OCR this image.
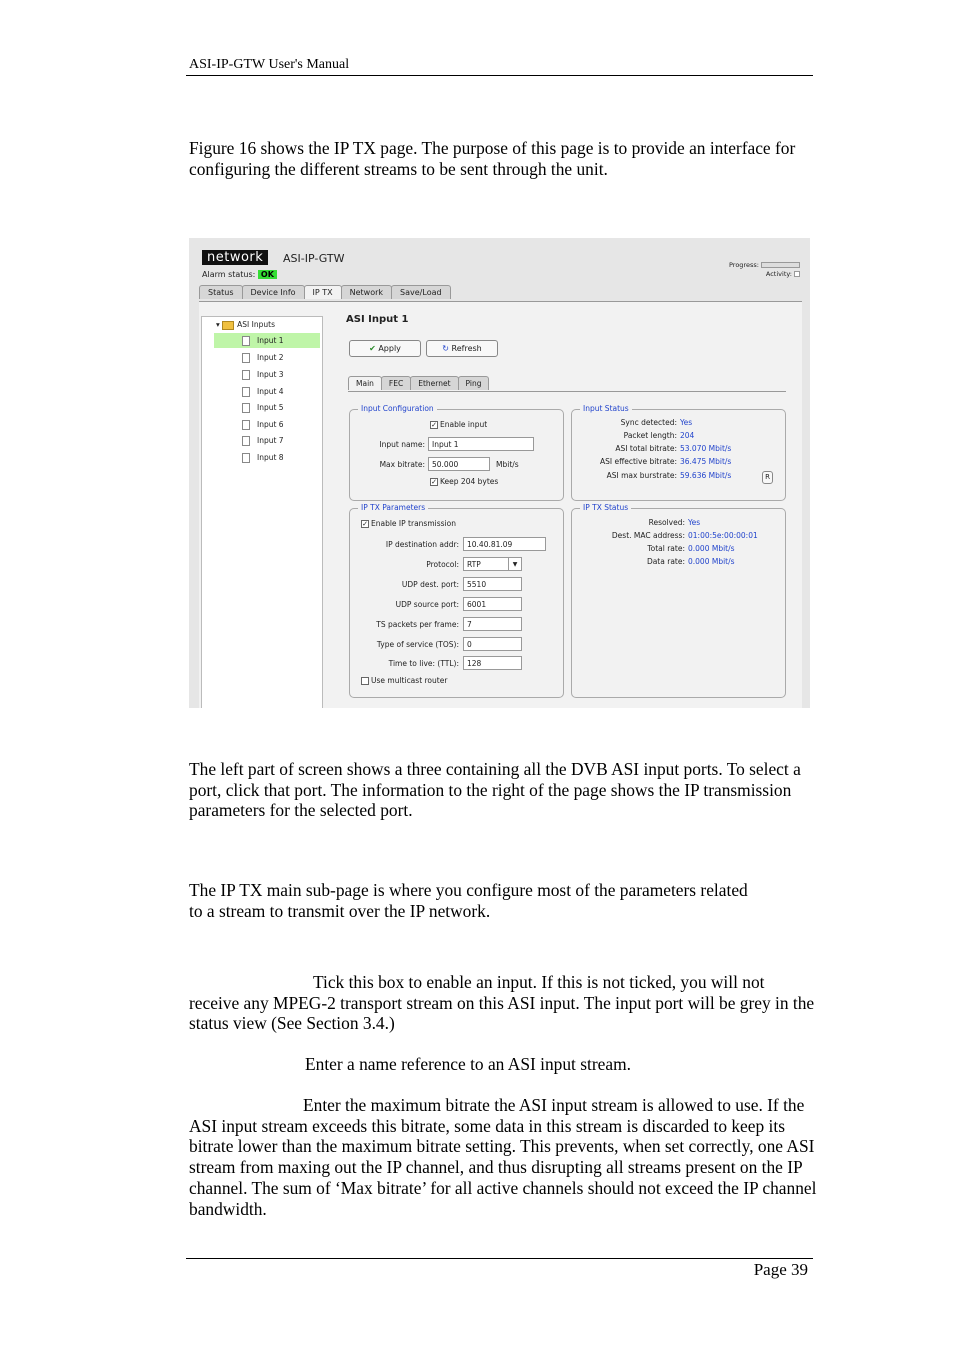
ASI-IP-GTW User's Manual

Figure 16 shows the IP TX page. The purpose of this page is to provide an interface for configuring the different streams to be sent through the unit.

network	ASI-IP-GTW
Alarm status: OK
Progress:
Activity:
Status Device Info IP TX Network Save/Load
▾ ASI Inputs
Input 1
Input 2
Input 3
Input 4
Input 5
Input 6
Input 7
Input 8
ASI Input 1
✔ Apply	↻ Refresh
Main FEC Ethernet Ping
Input Configuration
✓ Enable input
Input name: Input 1
Max bitrate: 50.000	Mbit/s
✓ Keep 204 bytes
Input Status
Sync detected: Yes
Packet length: 204
ASI total bitrate: 53.070 Mbit/s
ASI effective bitrate: 36.475 Mbit/s
ASI max burstrate: 59.636 Mbit/s	R
IP TX Parameters
✓ Enable IP transmission
IP destination addr:	10.40.81.09
Protocol:	RTP	▼
UDP dest. port:	5510
UDP source port:	6001
TS packets per frame:	7
Type of service (TOS):	0
Time to live: (TTL):	128
Use multicast router
IP TX Status
Resolved: Yes
Dest. MAC address: 01:00:5e:00:00:01
Total rate: 0.000 Mbit/s
Data rate: 0.000 Mbit/s

The left part of screen shows a three containing all the DVB ASI input ports. To select a port, click that port. The information to the right of the page shows the IP transmission parameters for the selected port.

The IP TX main sub-page is where you configure most of the parameters related to a stream to transmit over the IP network.

Tick this box to enable an input. If this is not ticked, you will not receive any MPEG-2 transport stream on this ASI input. The input port will be grey in the status view (See Section 3.4.)

Enter a name reference to an ASI input stream.

Enter the maximum bitrate the ASI input stream is allowed to use. If the ASI input stream exceeds this bitrate, some data in this stream is discarded to keep its bitrate lower than the maximum bitrate setting. This prevents, when set correctly, one ASI stream from maxing out the IP channel, and thus disrupting all streams present on the IP channel. The sum of ‘Max bitrate’ for all active channels should not exceed the IP channel bandwidth.

Page 39
